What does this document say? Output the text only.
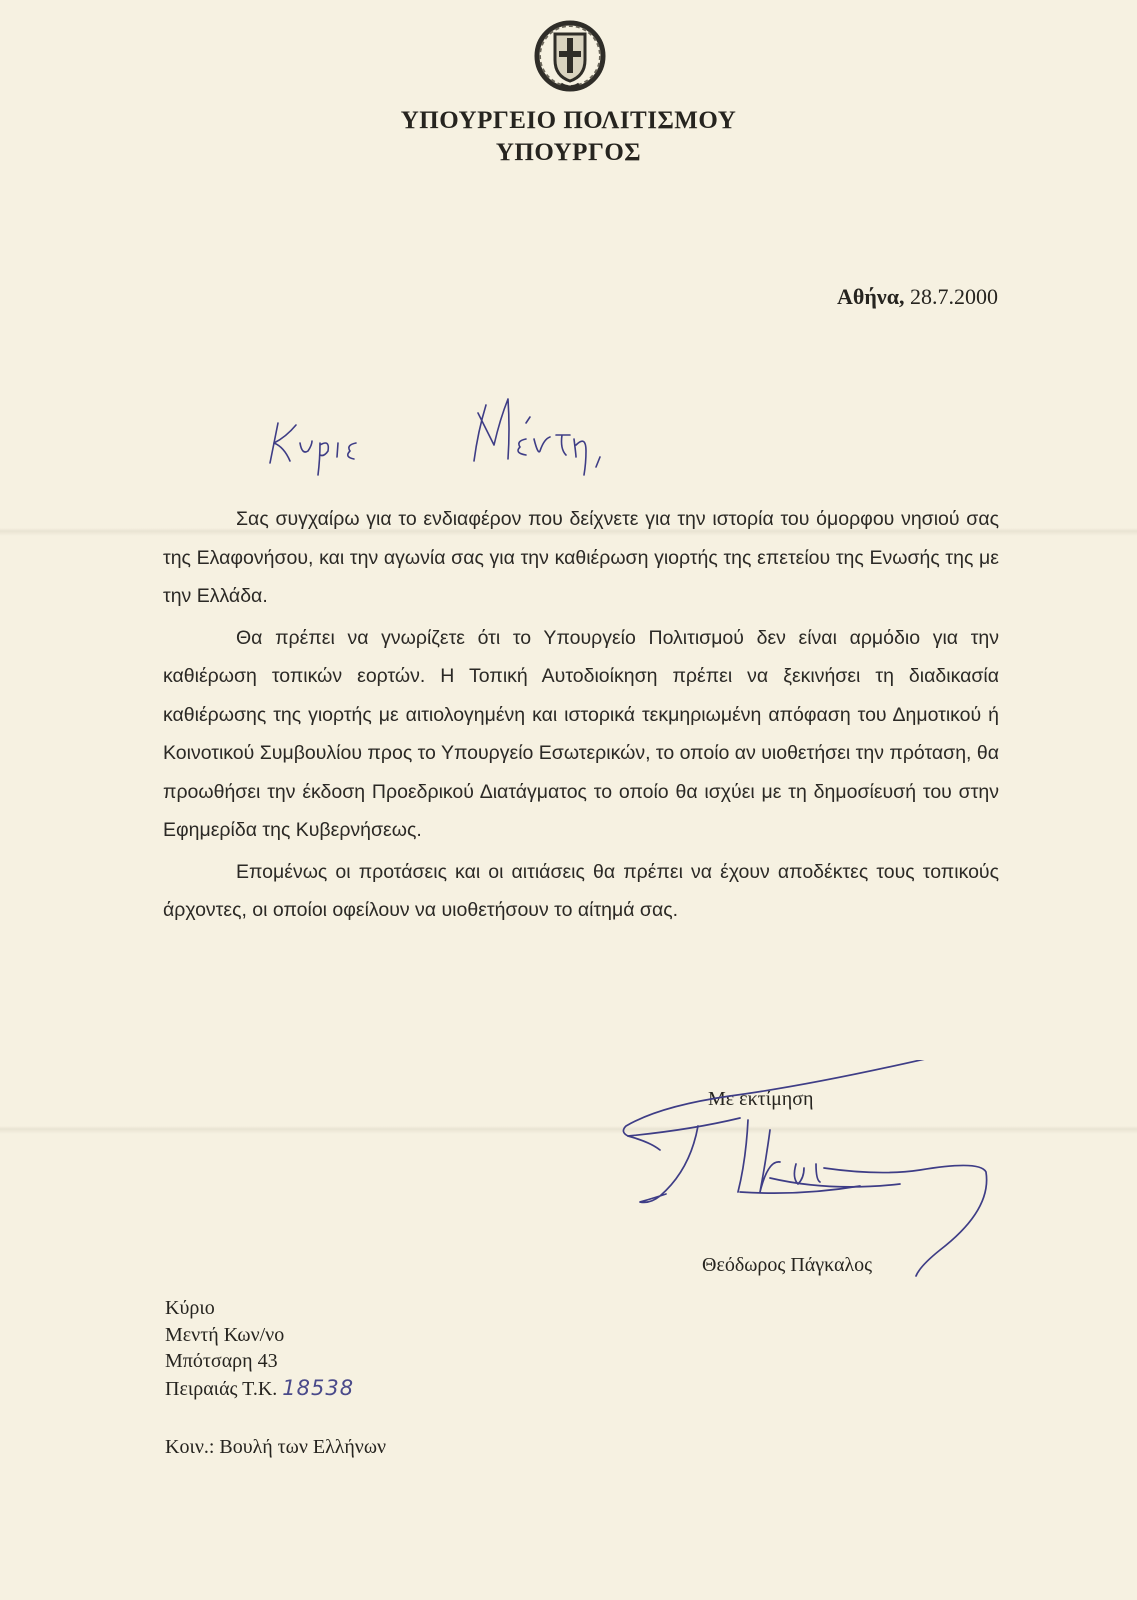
ΥΠΟΥΡΓΕΙΟ ΠΟΛΙΤΙΣΜΟΥ
ΥΠΟΥΡΓΟΣ
Αθήνα, 28.7.2000

Σας συγχαίρω για το ενδιαφέρον που δείχνετε για την ιστορία του όμορφου νησιού σας της Ελαφονήσου, και την αγωνία σας για την καθιέρωση γιορτής της επετείου της Ενωσής της με την Ελλάδα.

Θα πρέπει να γνωρίζετε ότι το Υπουργείο Πολιτισμού δεν είναι αρμόδιο για την καθιέρωση τοπικών εορτών. Η Τοπική Αυτοδιοίκηση πρέπει να ξεκινήσει τη διαδικασία καθιέρωσης της γιορτής με αιτιολογημένη και ιστορικά τεκμηριωμένη απόφαση του Δημοτικού ή Κοινοτικού Συμβουλίου προς το Υπουργείο Εσωτερικών, το οποίο αν υιοθετήσει την πρόταση, θα προωθήσει την έκδοση Προεδρικού Διατάγματος το οποίο θα ισχύει με τη δημοσίευσή του στην Εφημερίδα της Κυβερνήσεως.

Επομένως οι προτάσεις και οι αιτιάσεις θα πρέπει να έχουν αποδέκτες τους τοπικούς άρχοντες, οι οποίοι οφείλουν να υιοθετήσουν το αίτημά σας.

Με εκτίμηση
Θεόδωρος Πάγκαλος
Κύριο
Μεντή Κων/νο
Μπότσαρη 43
Πειραιάς Τ.Κ. 18538
Κοιν.: Βουλή των Ελλήνων
